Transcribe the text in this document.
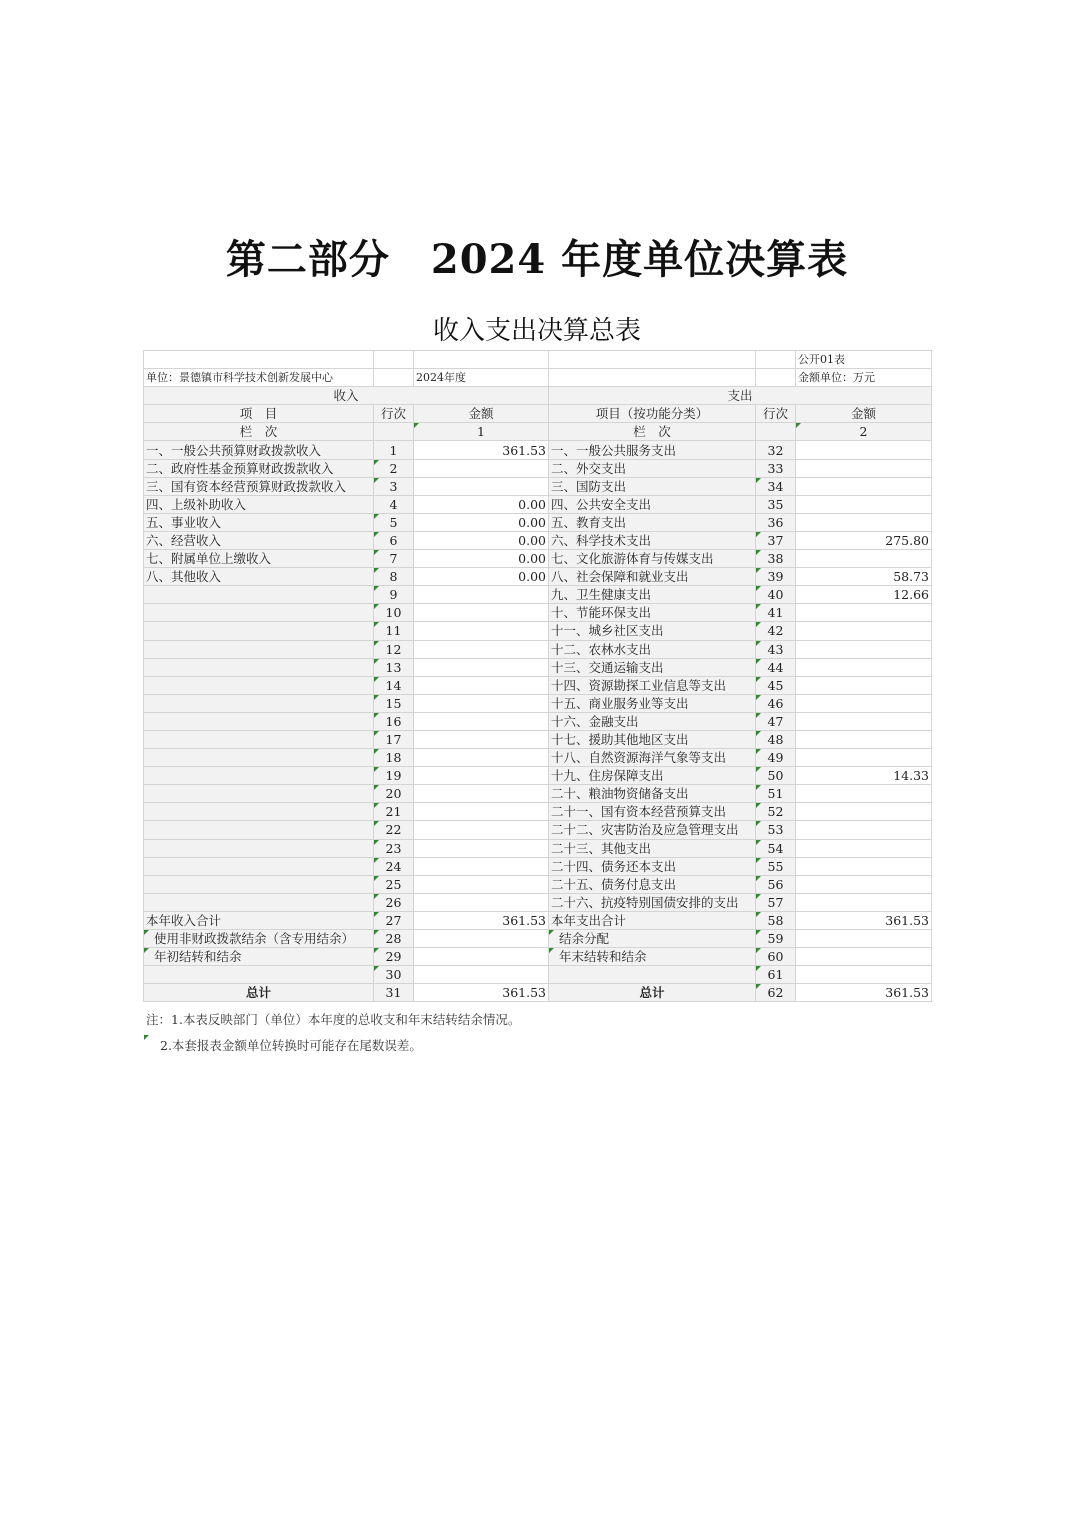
第二部分　2024 年度单位决算表
收入支出决算总表
					公开01表
单位：景德镇市科学技术创新发展中心		2024年度			金额单位：万元
收入			支出		
项　目	行次	金额	项目（按功能分类）	行次	金额
栏　次		1	栏　次		2
一、一般公共预算财政拨款收入	1	361.53	一、一般公共服务支出	32	
二、政府性基金预算财政拨款收入	2		二、外交支出	33	
三、国有资本经营预算财政拨款收入	3		三、国防支出	34	
四、上级补助收入	4	0.00	四、公共安全支出	35	
五、事业收入	5	0.00	五、教育支出	36	
六、经营收入	6	0.00	六、科学技术支出	37	275.80
七、附属单位上缴收入	7	0.00	七、文化旅游体育与传媒支出	38	
八、其他收入	8	0.00	八、社会保障和就业支出	39	58.73
	9		九、卫生健康支出	40	12.66
	10		十、节能环保支出	41	
	11		十一、城乡社区支出	42	
	12		十二、农林水支出	43	
	13		十三、交通运输支出	44	
	14		十四、资源勘探工业信息等支出	45	
	15		十五、商业服务业等支出	46	
	16		十六、金融支出	47	
	17		十七、援助其他地区支出	48	
	18		十八、自然资源海洋气象等支出	49	
	19		十九、住房保障支出	50	14.33
	20		二十、粮油物资储备支出	51	
	21		二十一、国有资本经营预算支出	52	
	22		二十二、灾害防治及应急管理支出	53	
	23		二十三、其他支出	54	
	24		二十四、债务还本支出	55	
	25		二十五、债务付息支出	56	
	26		二十六、抗疫特别国债安排的支出	57	
本年收入合计	27	361.53	本年支出合计	58	361.53
使用非财政拨款结余（含专用结余）	28		结余分配	59	
年初结转和结余	29		年末结转和结余	60	
	30			61	
总计	31	361.53	总计	62	361.53
注：1.本表反映部门（单位）本年度的总收支和年末结转结余情况。
2.本套报表金额单位转换时可能存在尾数误差。
